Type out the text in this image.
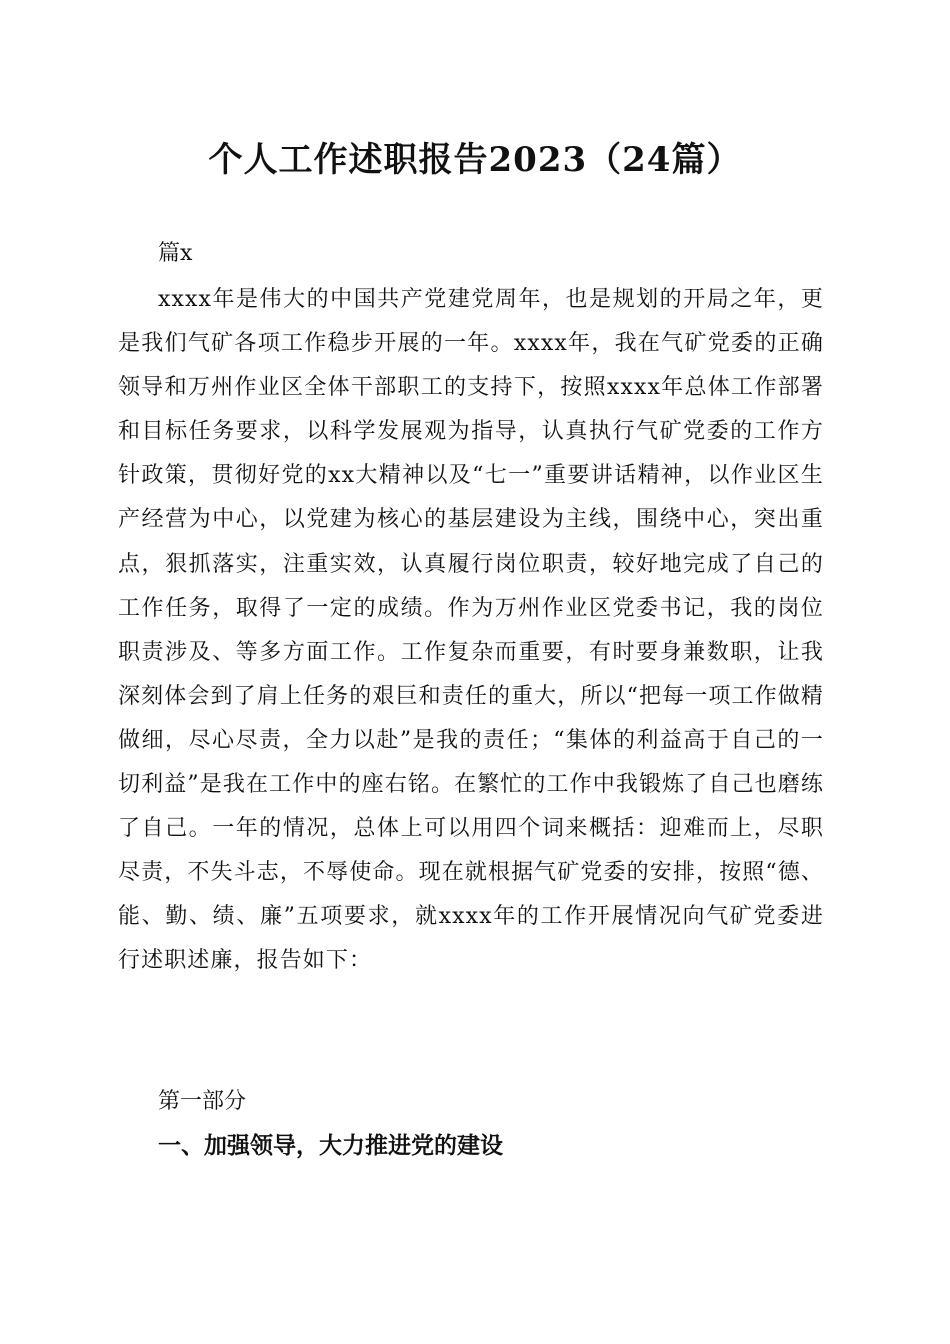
个人工作述职报告2023（24篇）
篇x

xxxx年是伟大的中国共产党建党周年，也是规划的开局之年，更是我们气矿各项工作稳步开展的一年。xxxx年，我在气矿党委的正确领导和万州作业区全体干部职工的支持下，按照xxxx年总体工作部署和目标任务要求，以科学发展观为指导，认真执行气矿党委的工作方针政策，贯彻好党的xx大精神以及“七一”重要讲话精神，以作业区生产经营为中心，以党建为核心的基层建设为主线，围绕中心，突出重点，狠抓落实，注重实效，认真履行岗位职责，较好地完成了自己的工作任务，取得了一定的成绩。作为万州作业区党委书记，我的岗位职责涉及、等多方面工作。工作复杂而重要，有时要身兼数职，让我深刻体会到了肩上任务的艰巨和责任的重大，所以“把每一项工作做精做细，尽心尽责，全力以赴”是我的责任；“集体的利益高于自己的一切利益”是我在工作中的座右铭。在繁忙的工作中我锻炼了自己也磨练了自己。一年的情况，总体上可以用四个词来概括：迎难而上，尽职尽责，不失斗志，不辱使命。现在就根据气矿党委的安排，按照“德、能、勤、绩、廉”五项要求，就xxxx年的工作开展情况向气矿党委进行述职述廉，报告如下：

第一部分
一、加强领导，大力推进党的建设
